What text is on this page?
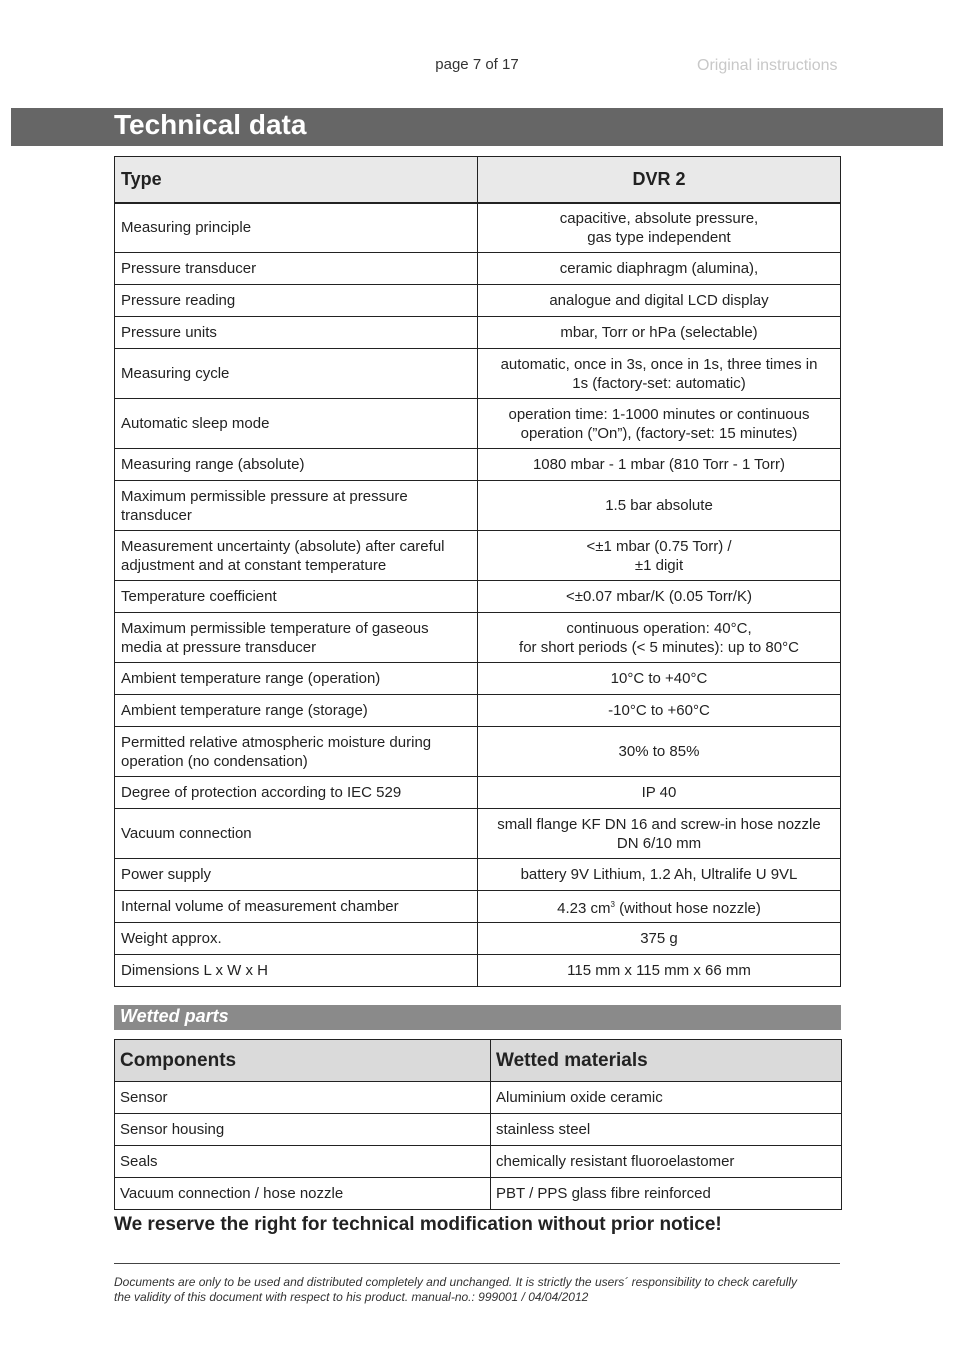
page 7 of 17	Original instructions
Technical data
Type	DVR 2
Measuring principle	capacitive, absolute pressure,
gas type independent
Pressure transducer	ceramic diaphragm (alumina),
Pressure reading	analogue and digital LCD display
Pressure units	mbar, Torr or hPa (selectable)
Measuring cycle	automatic, once in 3s, once in 1s, three times in
1s (factory-set: automatic)
Automatic sleep mode	operation time: 1-1000 minutes or continuous
operation (”On”), (factory-set: 15 minutes)
Measuring range (absolute)	1080 mbar - 1 mbar (810 Torr - 1 Torr)
Maximum permissible pressure at pressure transducer	1.5 bar absolute
Measurement uncertainty (absolute) after careful adjustment and at constant temperature	<±1 mbar (0.75 Torr) /
±1 digit
Temperature coefficient	<±0.07 mbar/K (0.05 Torr/K)
Maximum permissible temperature of gaseous media at pressure transducer	continuous operation: 40°C,
for short periods (< 5 minutes): up to 80°C
Ambient temperature range (operation)	10°C to +40°C
Ambient temperature range (storage)	-10°C to +60°C
Permitted relative atmospheric moisture during operation (no condensation)	30% to 85%
Degree of protection according to IEC 529	IP 40
Vacuum connection	small flange KF DN 16 and screw-in hose nozzle
DN 6/10 mm
Power supply	battery 9V Lithium, 1.2 Ah, Ultralife U 9VL
Internal volume of measurement chamber	4.23 $cm^3$ (without hose nozzle)
Weight approx.	375 g
Dimensions L x W x H	115 mm x 115 mm x 66 mm
Wetted parts
Components	Wetted materials
Sensor	Aluminium oxide ceramic
Sensor housing	stainless steel
Seals	chemically resistant fluoroelastomer
Vacuum connection / hose nozzle	PBT / PPS glass fibre reinforced
We reserve the right for technical modification without prior notice!
Documents are only to be used and distributed completely and unchanged. It is strictly the users´ responsibility to check carefully
the validity of this document with respect to his product. manual-no.: 999001 / 04/04/2012
